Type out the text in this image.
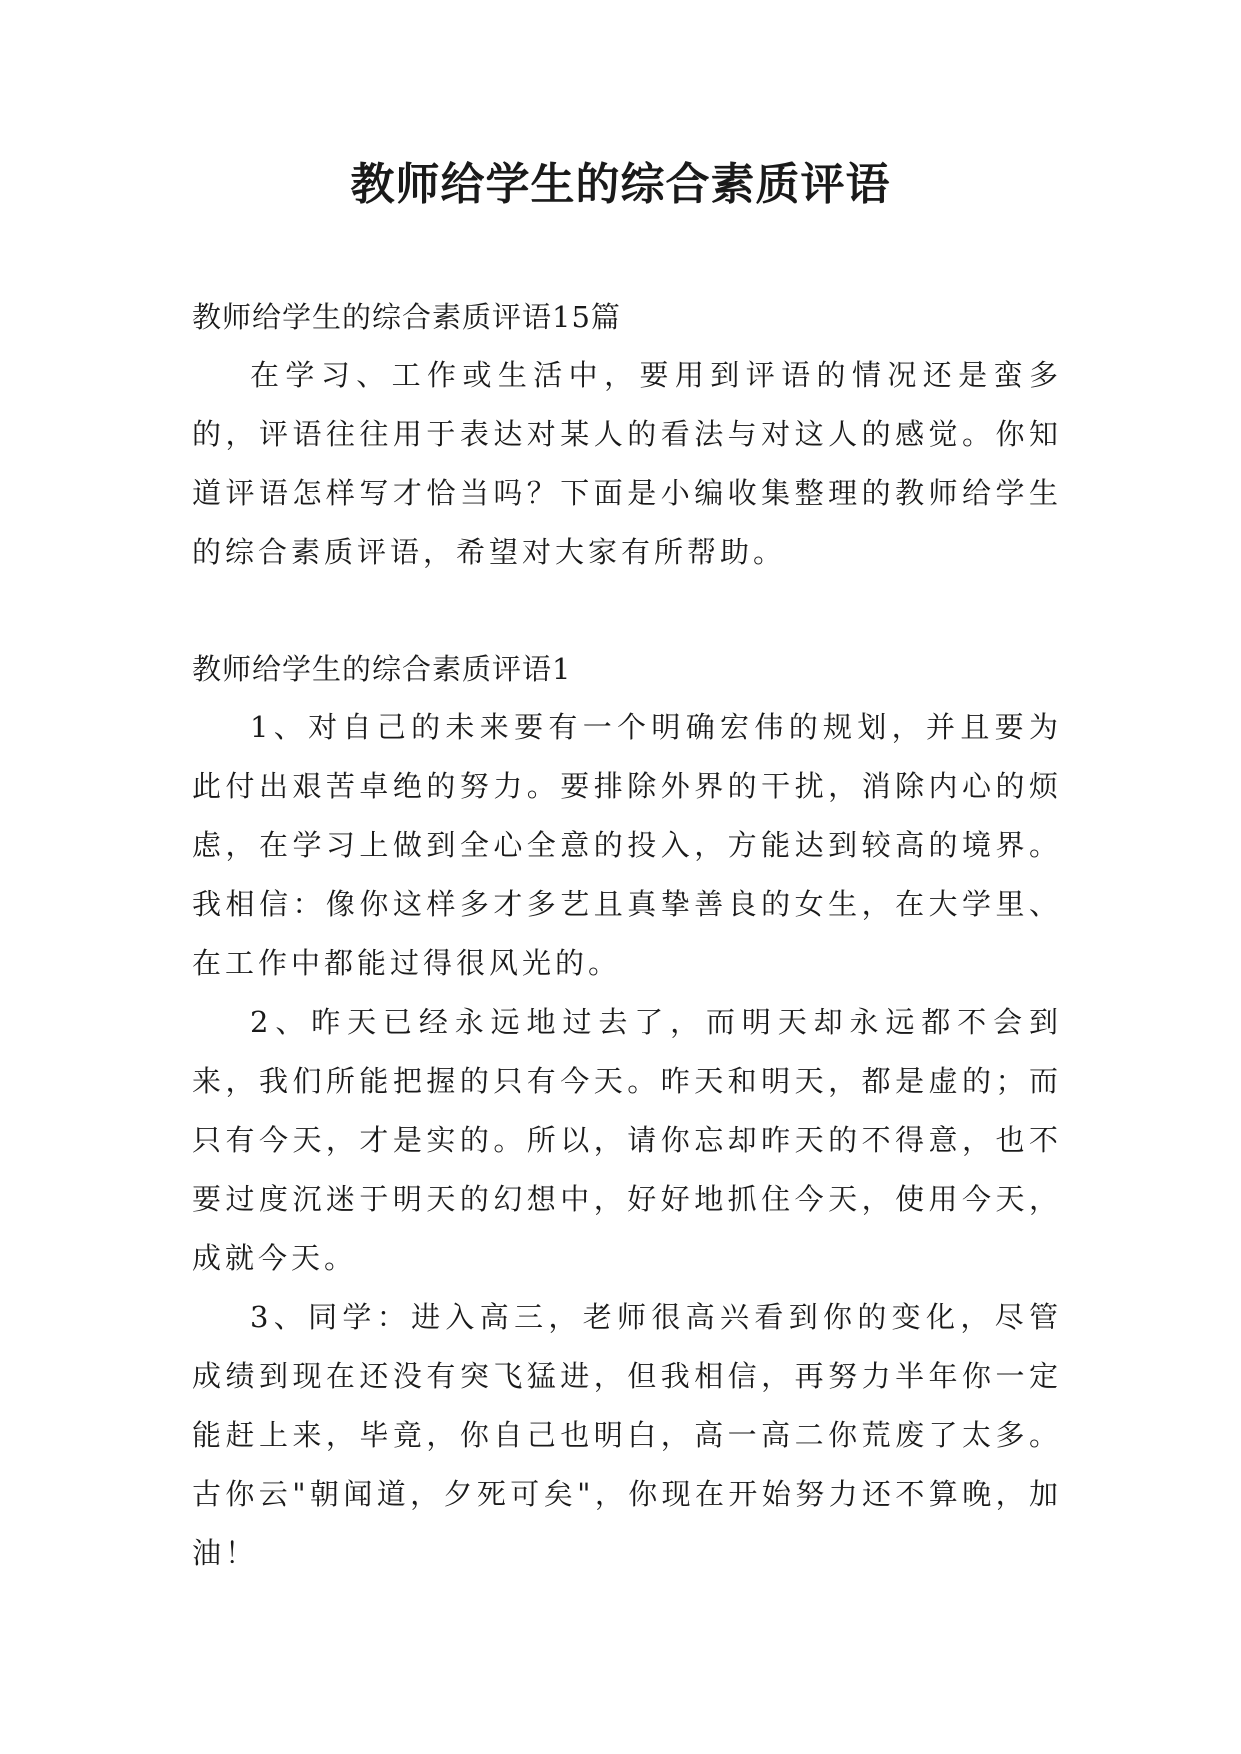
教师给学生的综合素质评语

教师给学生的综合素质评语15篇

在学习、工作或生活中，要用到评语的情况还是蛮多的，评语往往用于表达对某人的看法与对这人的感觉。你知道评语怎样写才恰当吗？下面是小编收集整理的教师给学生的综合素质评语，希望对大家有所帮助。

教师给学生的综合素质评语1

1、对自己的未来要有一个明确宏伟的规划，并且要为此付出艰苦卓绝的努力。要排除外界的干扰，消除内心的烦虑，在学习上做到全心全意的投入，方能达到较高的境界。我相信：像你这样多才多艺且真挚善良的女生，在大学里、在工作中都能过得很风光的。

2、昨天已经永远地过去了，而明天却永远都不会到来，我们所能把握的只有今天。昨天和明天，都是虚的；而只有今天，才是实的。所以，请你忘却昨天的不得意，也不要过度沉迷于明天的幻想中，好好地抓住今天，使用今天，成就今天。

3、同学：进入高三，老师很高兴看到你的变化，尽管成绩到现在还没有突飞猛进，但我相信，再努力半年你一定能赶上来，毕竟，你自己也明白，高一高二你荒废了太多。古你云"朝闻道，夕死可矣"，你现在开始努力还不算晚，加油！
